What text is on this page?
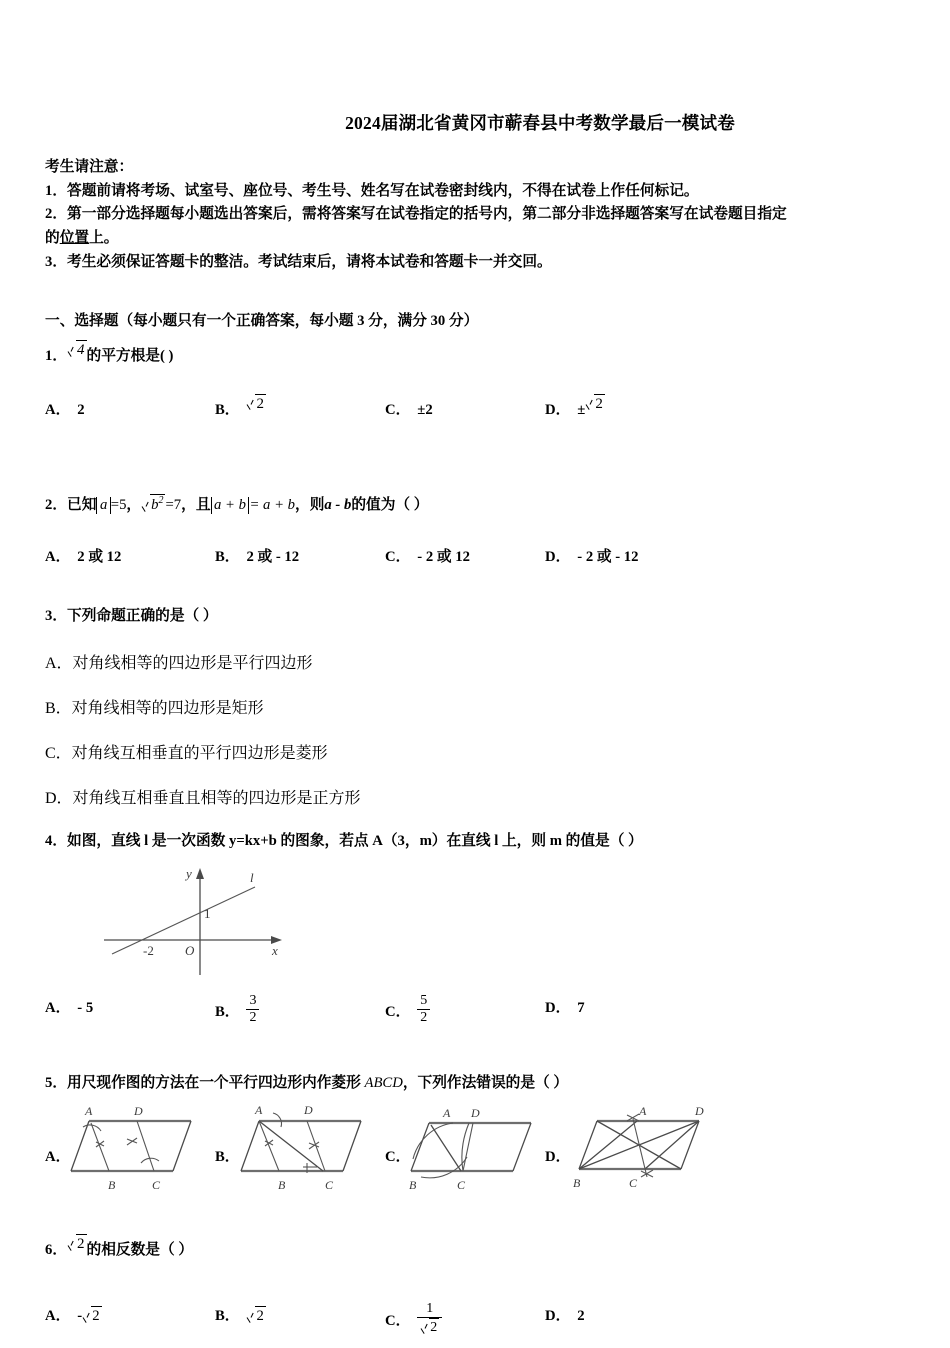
2024届湖北省黄冈市蕲春县中考数学最后一模试卷
考生请注意：
1．答题前请将考场、试室号、座位号、考生号、姓名写在试卷密封线内，不得在试卷上作任何标记。
2．第一部分选择题每小题选出答案后，需将答案写在试卷指定的括号内，第二部分非选择题答案写在试卷题目指定
的位置上。
3．考生必须保证答题卡的整洁。考试结束后，请将本试卷和答题卡一并交回。
一、选择题（每小题只有一个正确答案，每小题 3 分，满分 30 分）
1． 4 的平方根是( )
A． 2	B． 2	C． ±2	D． ± 2
2．已知 a =5， $b^2 =7$，且 a + b = a + b，则a - b的值为（ ）
A． 2 或 12	B． 2 或 - 12	C． - 2 或 12	D． - 2 或 - 12
3．下列命题正确的是（ ）
A．对角线相等的四边形是平行四边形
B．对角线相等的四边形是矩形
C．对角线互相垂直的平行四边形是菱形
D．对角线互相垂直且相等的四边形是正方形
4．如图，直线 l 是一次函数 y=kx+b 的图象，若点 A（3，m）在直线 l 上，则 m 的值是（ ）
x
y
O
l
-2
1
A． - 5	B． $\frac{3}{2}$	C． $\frac{5}{2}$	D． 7
5．用尺现作图的方法在一个平行四边形内作菱形 ABCD，下列作法错误的是（ ）
A．
A
B	C
D
B．
A
B	C
D
C．
A
B	C
D
D．
A
B	C
D
6． 2 的相反数是（ ）
A． - 2	B． 2	C． $\frac{1}{2}$	D． 2
